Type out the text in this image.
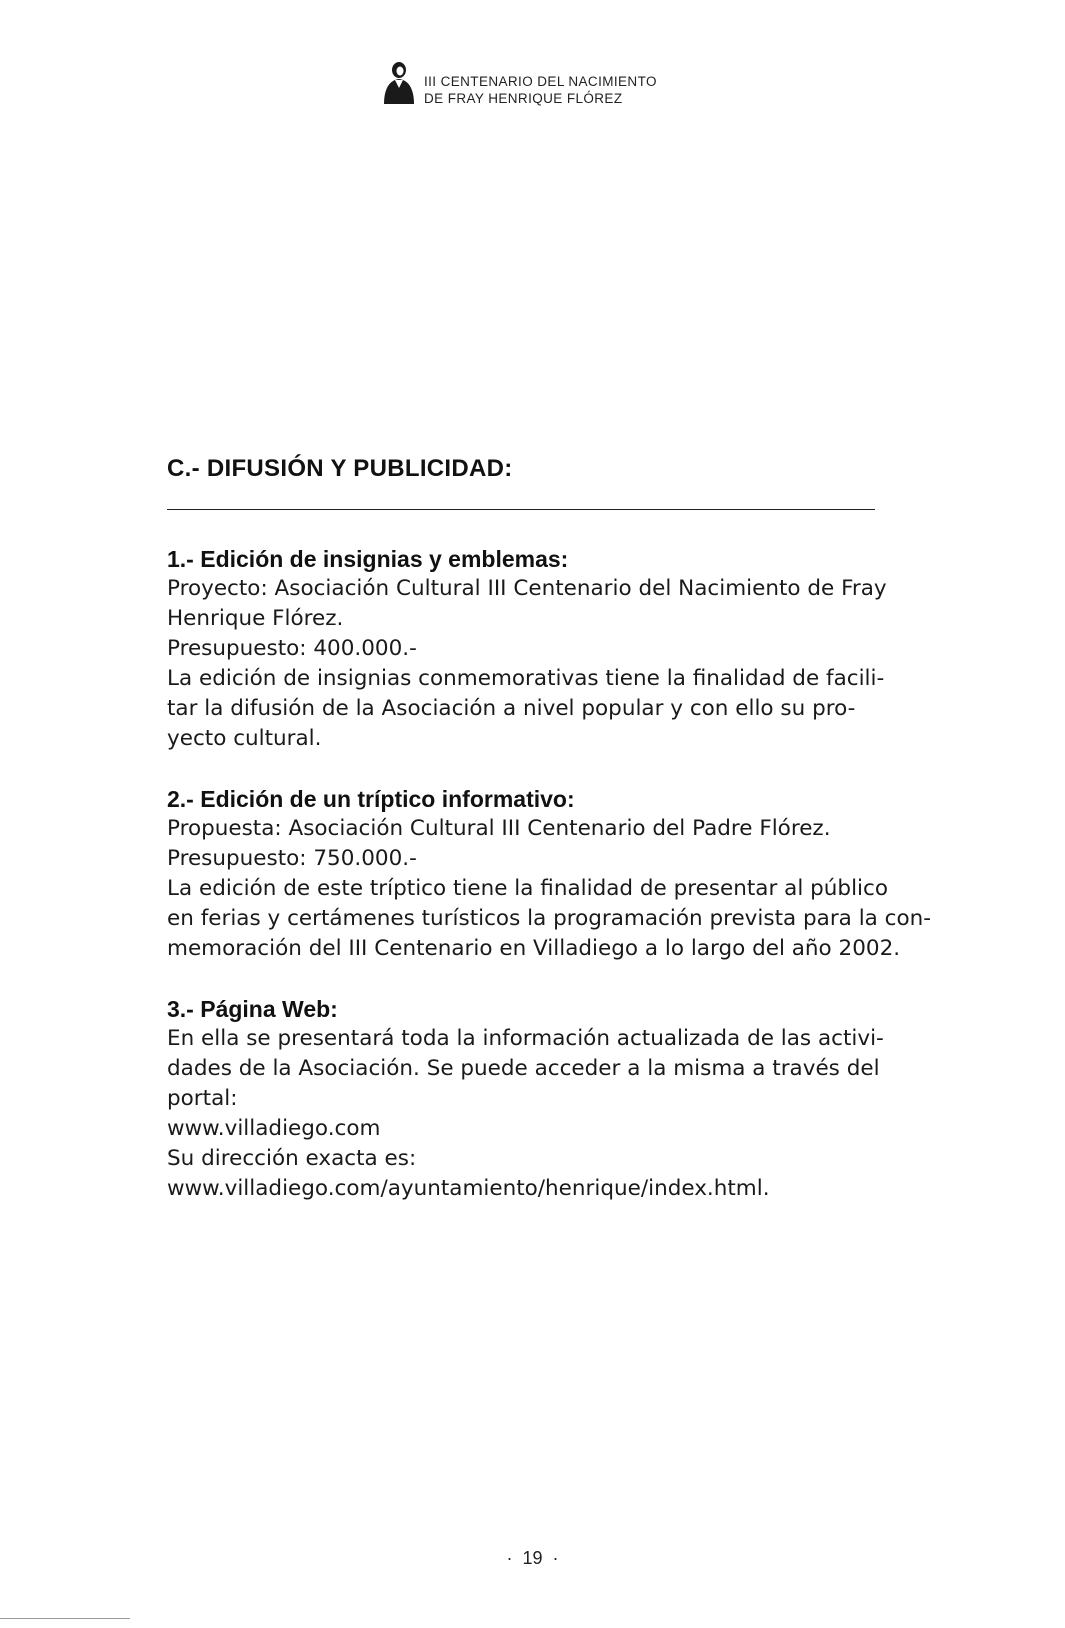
III CENTENARIO DEL NACIMIENTO
DE FRAY HENRIQUE FLÓREZ
C.- DIFUSIÓN Y PUBLICIDAD:
1.- Edición de insignias y emblemas:
Proyecto: Asociación Cultural III Centenario del Nacimiento de Fray
Henrique Flórez.
Presupuesto: 400.000.-
La edición de insignias conmemorativas tiene la finalidad de facili-
tar la difusión de la Asociación a nivel popular y con ello su pro-
yecto cultural.
2.- Edición de un tríptico informativo:
Propuesta: Asociación Cultural III Centenario del Padre Flórez.
Presupuesto: 750.000.-
La edición de este tríptico tiene la finalidad de presentar al público
en ferias y certámenes turísticos la programación prevista para la con-
memoración del III Centenario en Villadiego a lo largo del año 2002.
3.- Página Web:
En ella se presentará toda la información actualizada de las activi-
dades de la Asociación. Se puede acceder a la misma a través del
portal:
www.villadiego.com
Su dirección exacta es:
www.villadiego.com/ayuntamiento/henrique/index.html.
· 19 ·
